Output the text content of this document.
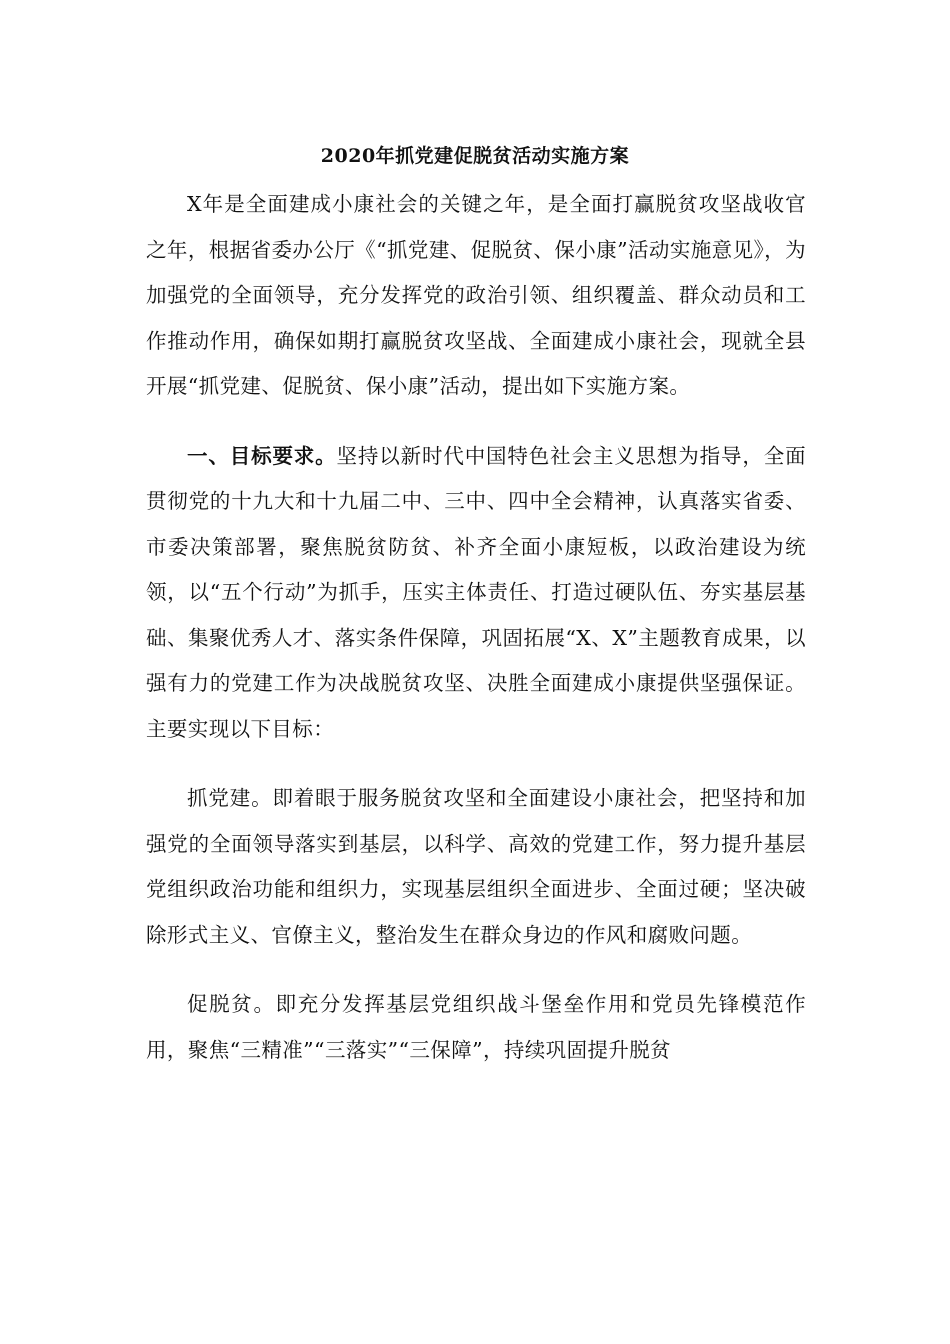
2020年抓党建促脱贫活动实施方案

X年是全面建成小康社会的关键之年，是全面打赢脱贫攻坚战收官之年，根据省委办公厅《“抓党建、促脱贫、保小康”活动实施意见》，为加强党的全面领导，充分发挥党的政治引领、组织覆盖、群众动员和工作推动作用，确保如期打赢脱贫攻坚战、全面建成小康社会，现就全县开展“抓党建、促脱贫、保小康”活动，提出如下实施方案。

一、目标要求。坚持以新时代中国特色社会主义思想为指导，全面贯彻党的十九大和十九届二中、三中、四中全会精神，认真落实省委、市委决策部署，聚焦脱贫防贫、补齐全面小康短板，以政治建设为统领，以“五个行动”为抓手，压实主体责任、打造过硬队伍、夯实基层基础、集聚优秀人才、落实条件保障，巩固拓展“X、X”主题教育成果，以强有力的党建工作为决战脱贫攻坚、决胜全面建成小康提供坚强保证。主要实现以下目标：

抓党建。即着眼于服务脱贫攻坚和全面建设小康社会，把坚持和加强党的全面领导落实到基层，以科学、高效的党建工作，努力提升基层党组织政治功能和组织力，实现基层组织全面进步、全面过硬；坚决破除形式主义、官僚主义，整治发生在群众身边的作风和腐败问题。

促脱贫。即充分发挥基层党组织战斗堡垒作用和党员先锋模范作用，聚焦“三精准”“三落实”“三保障”，持续巩固提升脱贫
